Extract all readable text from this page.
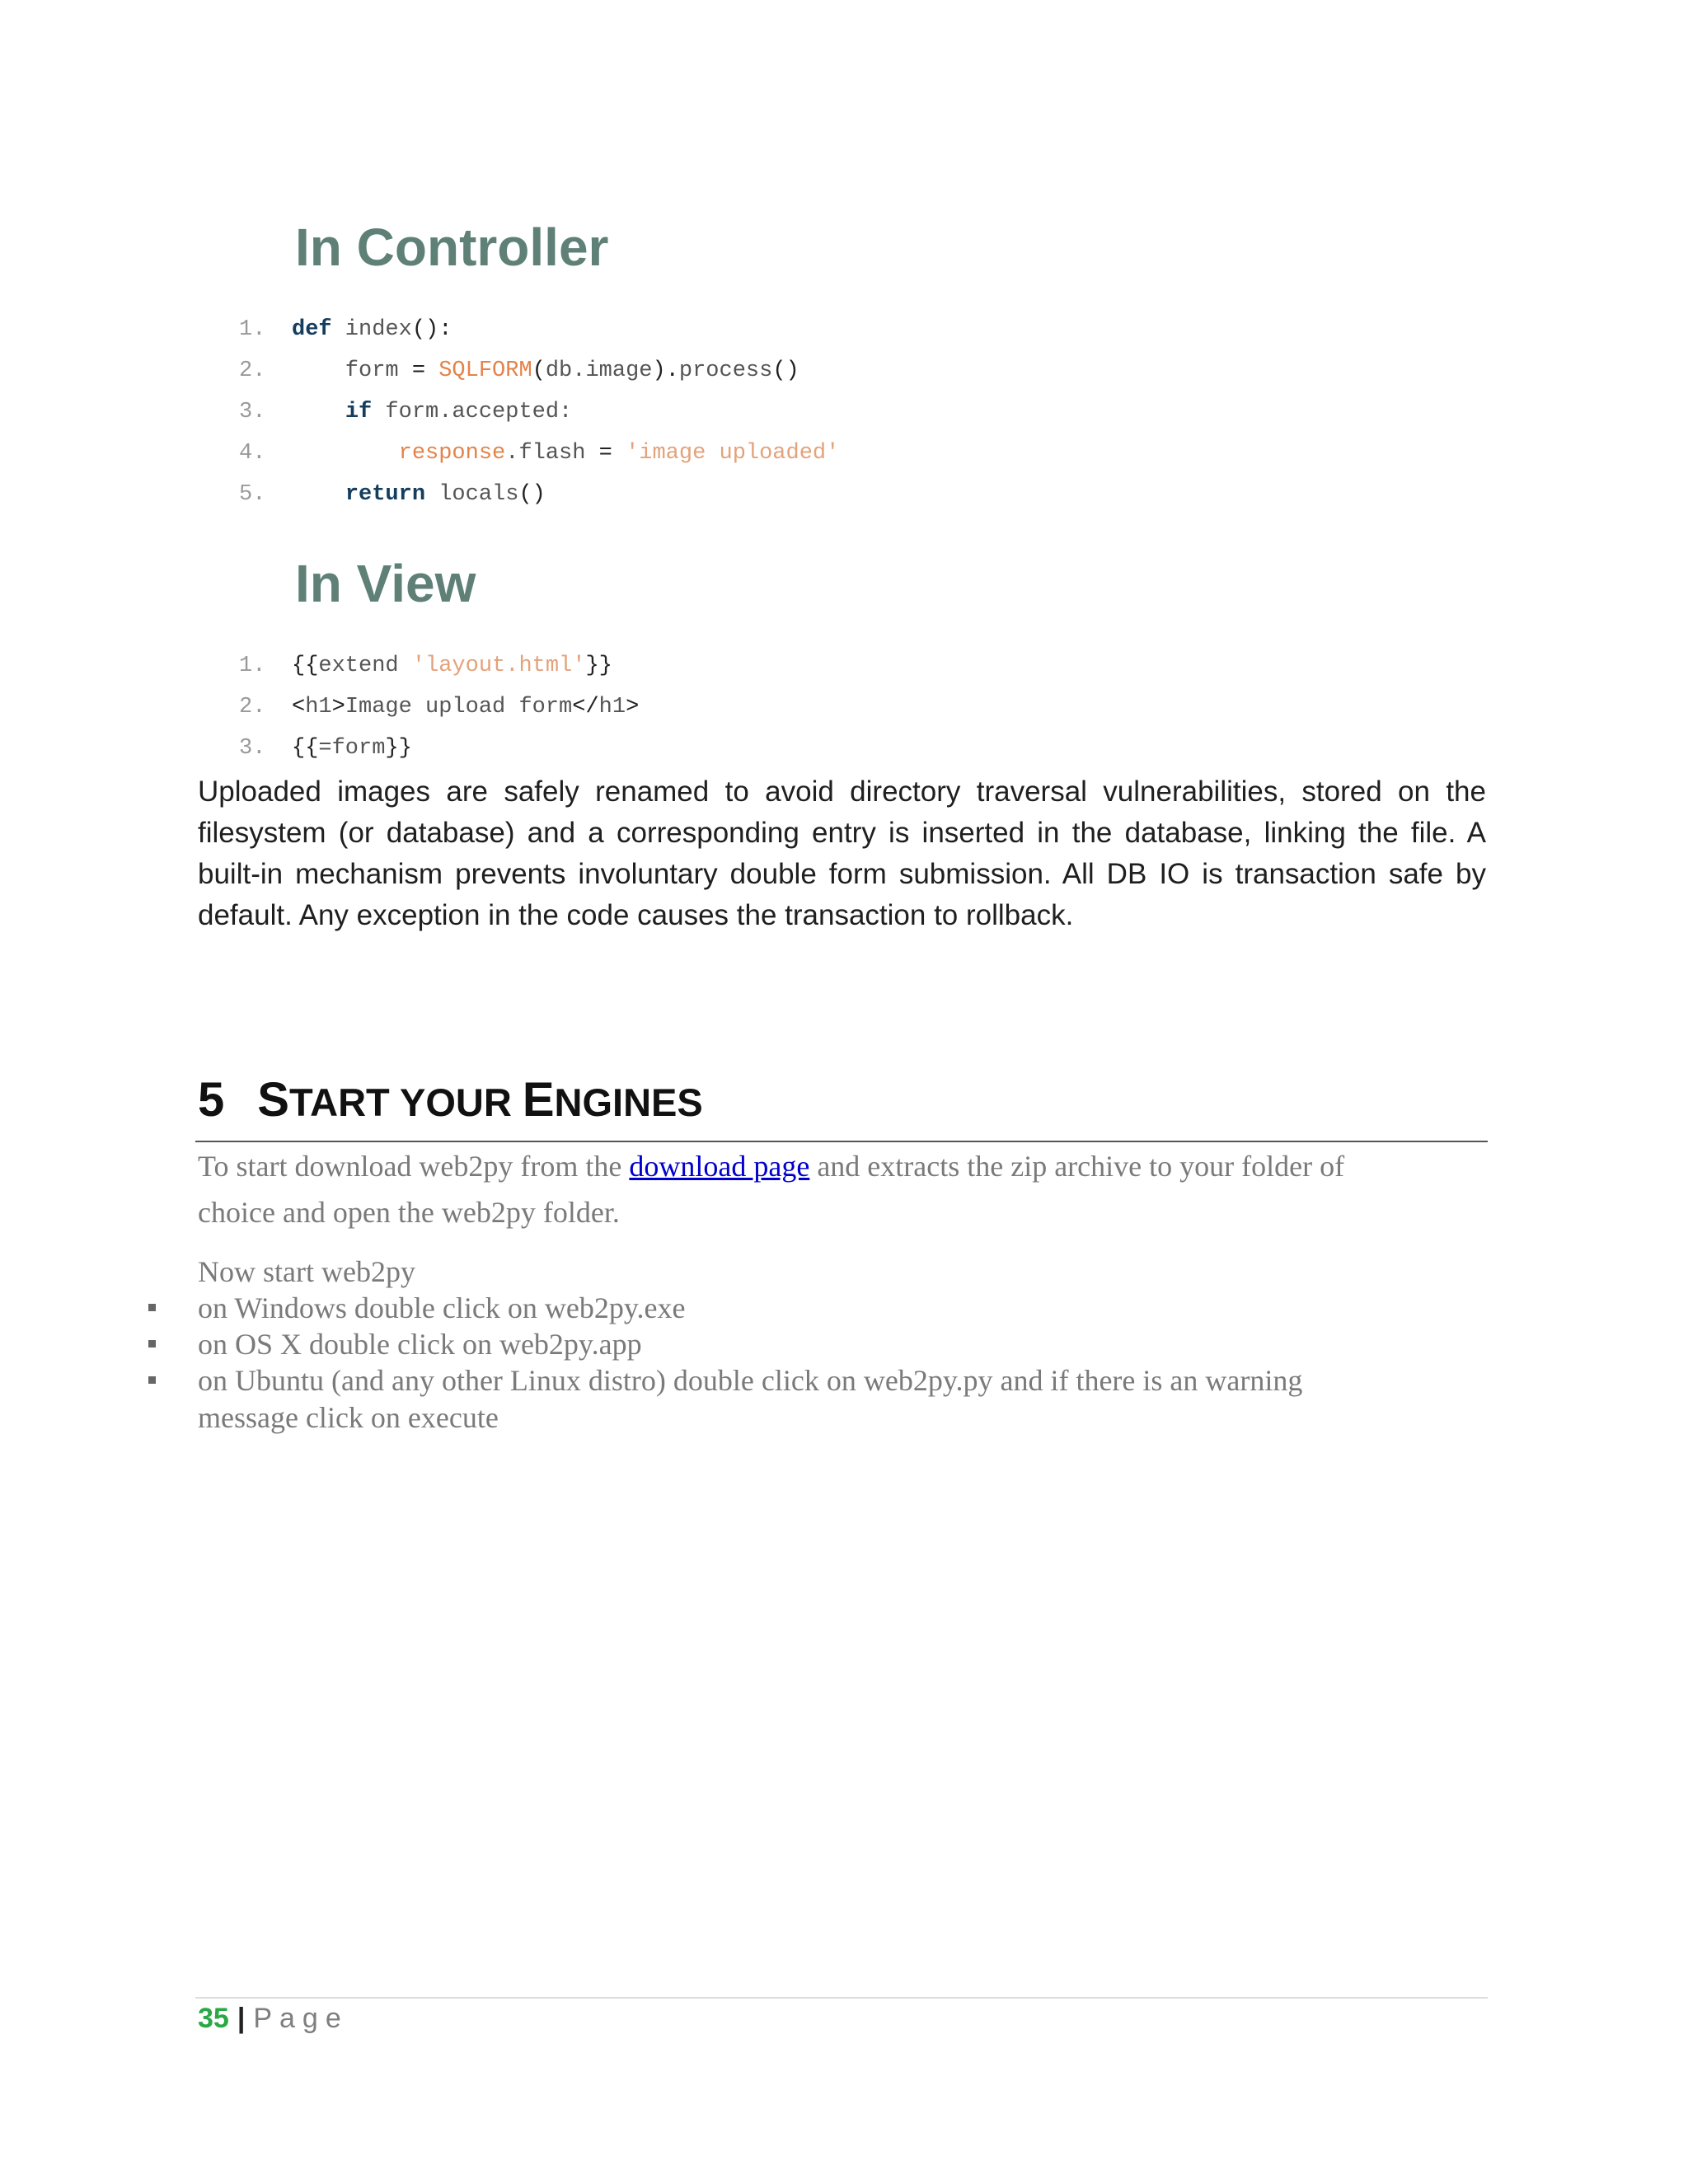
In Controller
1. def index():
2. form = SQLFORM(db.image).process()
3.	if form.accepted:
4.	response.flash = 'image uploaded'
5.	return locals()
In View
1. {{extend 'layout.html'}}
2. <h1>Image upload form</h1>
3. {{=form}}

Uploaded images are safely renamed to avoid directory traversal vulnerabilities, stored on the filesystem (or database) and a corresponding entry is inserted in the database, linking the file. A built-in mechanism prevents involuntary double form submission. All DB IO is transaction safe by default. Any exception in the code causes the transaction to rollback.

5 START YOUR ENGINES

To start download web2py from the download page and extracts the zip archive to your folder of

choice and open the web2py folder.

Now start web2py

on Windows double click on web2py.exe

on OS X double click on web2py.app

on Ubuntu (and any other Linux distro) double click on web2py.py and if there is an warning

message click on execute

35 | Page
